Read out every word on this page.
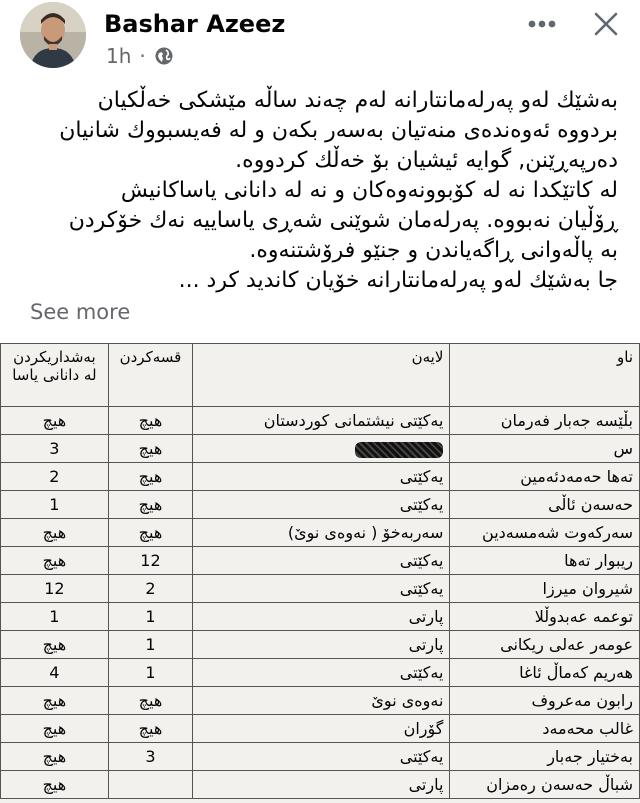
Bashar Azeez
1h ·

بەشێك لەو پەرلەمانتارانە لەم چەند ساڵە مێشکی خەڵکیان

بردووە ئەوەندەی منەتیان بەسەر بکەن و لە فەیسبووك شانیان

دەرپەڕێنن, گوایە ئیشیان بۆ خەڵك کردووە.

لە کاتێکدا نە لە کۆبوونەوەکان و نە لە دانانی یاساکانیش

ڕۆڵیان نەبووە. پەرلەمان شوێنی شەڕی یاساییە نەك خۆکردن

بە پاڵەوانی ڕاگەیاندن و جنێو فرۆشتنەوە.

جا بەشێك لەو پەرلەمانتارانە خۆیان کاندید کرد ...

See more
ناو	لایەن	قسەکردن	بەشداریکردن لە دانانی یاسا
بڵێسە جەبار فەرمان	یەکێتی نیشتمانی کوردستان	هیچ	هیچ
س		هیچ	3
تەها حەمەدئەمین	یەکێتی	هیچ	2
حەسەن ئاڵی	یەکێتی	هیچ	1
سەرکەوت شەمسەدین	سەربەخۆ ( نەوەی نوێ)	هیچ	هیچ
ریبوار تەها	یەکێتی	12	هیچ
شیروان میرزا	یەکێتی	2	12
توعمە عەبدوڵلا	پارتی	1	1
عومەر عەلی ریکانی	پارتی	1	هیچ
هەریم کەماڵ ئاغا	یەکێتی	1	4
رابون مەعروف	نەوەی نوێ	هیچ	هیچ
غالب محەمەد	گۆران	هیچ	هیچ
بەختیار جەبار	یەکێتی	3	هیچ
شباڵ حەسەن رەمزان	پارتی		هیچ
